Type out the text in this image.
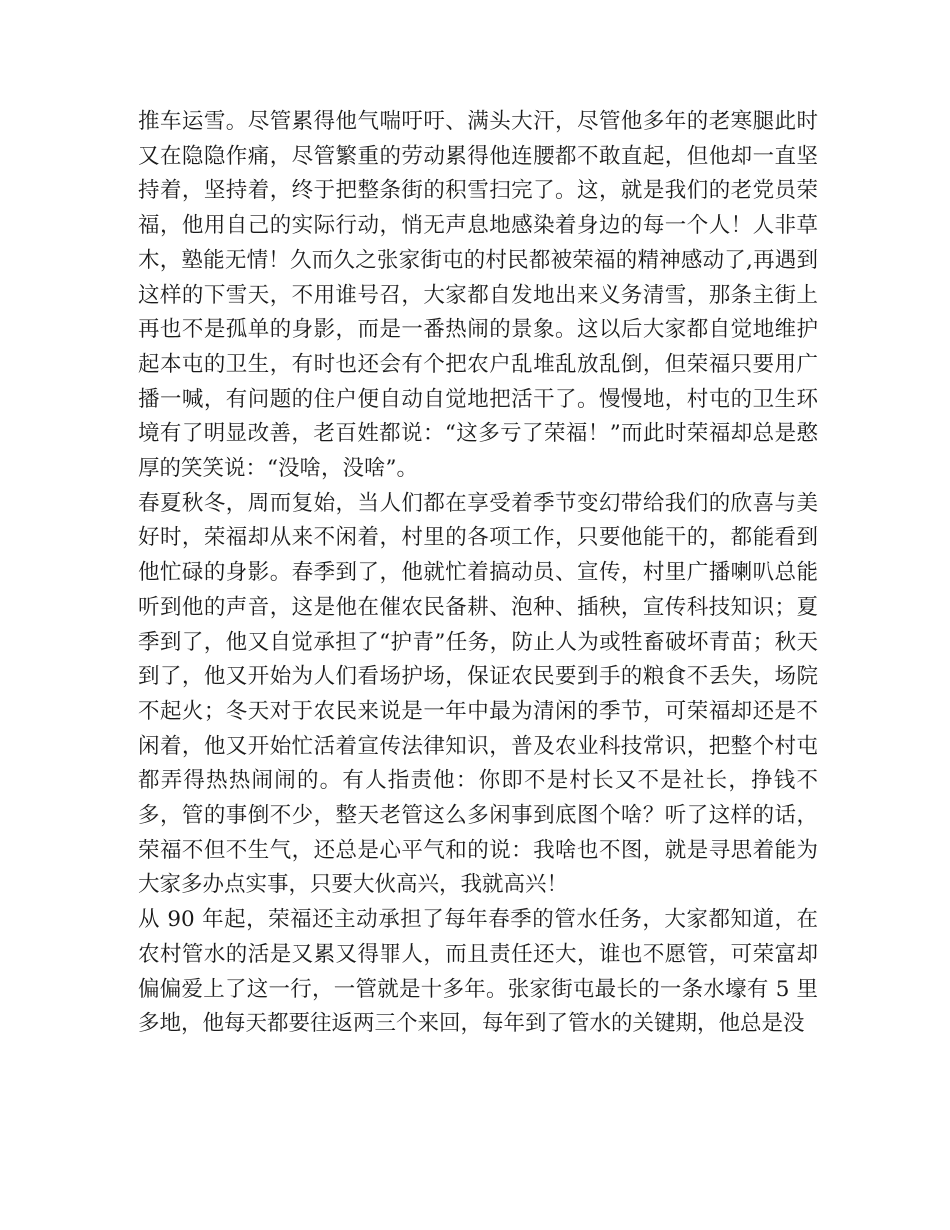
推车运雪。尽管累得他气喘吁吁、满头大汗，尽管他多年的老寒腿此时又在隐隐作痛，尽管繁重的劳动累得他连腰都不敢直起，但他却一直坚持着，坚持着，终于把整条街的积雪扫完了。这，就是我们的老党员荣福，他用自己的实际行动，悄无声息地感染着身边的每一个人！人非草木，塾能无情！久而久之张家街屯的村民都被荣福的精神感动了,再遇到这样的下雪天，不用谁号召，大家都自发地出来义务清雪，那条主街上再也不是孤单的身影，而是一番热闹的景象。这以后大家都自觉地维护起本屯的卫生，有时也还会有个把农户乱堆乱放乱倒，但荣福只要用广播一喊，有问题的住户便自动自觉地把活干了。慢慢地，村屯的卫生环境有了明显改善，老百姓都说：“这多亏了荣福！”而此时荣福却总是憨厚的笑笑说：“没啥，没啥”。

春夏秋冬，周而复始，当人们都在享受着季节变幻带给我们的欣喜与美好时，荣福却从来不闲着，村里的各项工作，只要他能干的，都能看到他忙碌的身影。春季到了，他就忙着搞动员、宣传，村里广播喇叭总能听到他的声音，这是他在催农民备耕、泡种、插秧，宣传科技知识；夏季到了，他又自觉承担了“护青”任务，防止人为或牲畜破坏青苗；秋天到了，他又开始为人们看场护场，保证农民要到手的粮食不丢失，场院不起火；冬天对于农民来说是一年中最为清闲的季节，可荣福却还是不闲着，他又开始忙活着宣传法律知识，普及农业科技常识，把整个村屯都弄得热热闹闹的。有人指责他：你即不是村长又不是社长，挣钱不多，管的事倒不少，整天老管这么多闲事到底图个啥？听了这样的话，荣福不但不生气，还总是心平气和的说：我啥也不图，就是寻思着能为大家多办点实事，只要大伙高兴，我就高兴！

从 90 年起，荣福还主动承担了每年春季的管水任务，大家都知道，在农村管水的活是又累又得罪人，而且责任还大，谁也不愿管，可荣富却偏偏爱上了这一行，一管就是十多年。张家街屯最长的一条水壕有 5 里多地，他每天都要往返两三个来回，每年到了管水的关键期，他总是没
